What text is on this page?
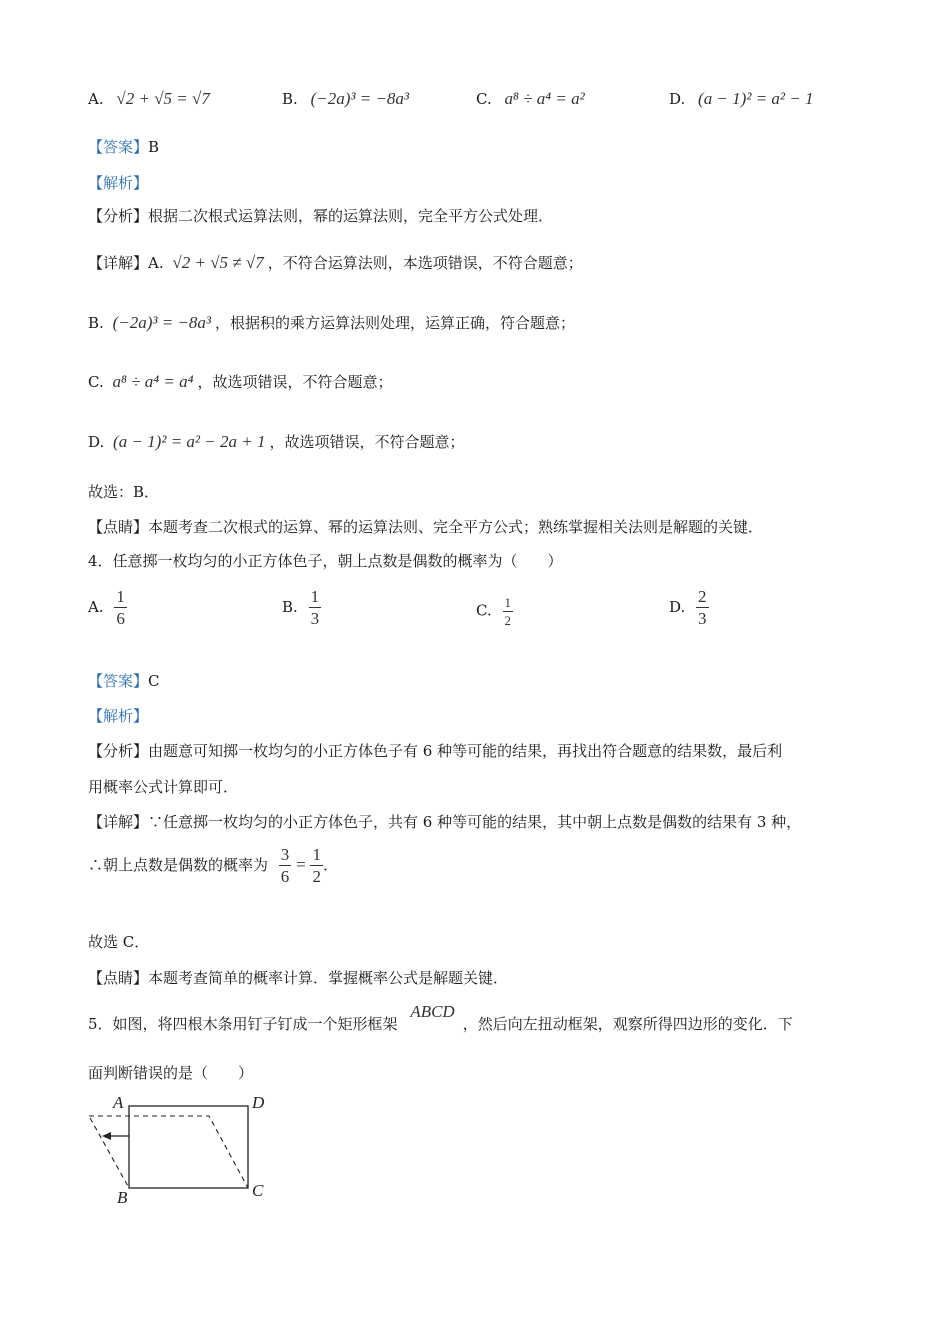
A. √2 + √5 = √7	B. (−2a)³ = −8a³	C. a⁸ ÷ a⁴ = a²	D. (a − 1)² = a² − 1
【答案】B
【解析】
【分析】根据二次根式运算法则，幂的运算法则，完全平方公式处理．
【详解】A. √2 + √5 ≠ √7 ，不符合运算法则，本选项错误，不符合题意；
B. (−2a)³ = −8a³ ，根据积的乘方运算法则处理，运算正确，符合题意；
C. a⁸ ÷ a⁴ = a⁴ ，故选项错误，不符合题意；
D. (a − 1)² = a² − 2a + 1 ，故选项错误，不符合题意；
故选：B．
【点睛】本题考查二次根式的运算、幂的运算法则、完全平方公式；熟练掌握相关法则是解题的关键．
4．任意掷一枚均匀的小正方体色子，朝上点数是偶数的概率为（　　）
A. $\frac{1}{6}$	B. $\frac{1}{3}$	C. $\frac{1}{2}$	D. $\frac{2}{3}$
【答案】C
【解析】
【分析】由题意可知掷一枚均匀的小正方体色子有 6 种等可能的结果，再找出符合题意的结果数，最后利
用概率公式计算即可．
【详解】∵任意掷一枚均匀的小正方体色子，共有 6 种等可能的结果，其中朝上点数是偶数的结果有 3 种，
∴朝上点数是偶数的概率为 $\frac{3}{6} = \frac{1}{2}$ ．
故选 C．
【点睛】本题考查简单的概率计算．掌握概率公式是解题关键．
5．如图，将四根木条用钉子钉成一个矩形框架 ABCD，然后向左扭动框架，观察所得四边形的变化．下
面判断错误的是（　　）
A	D
B	C
